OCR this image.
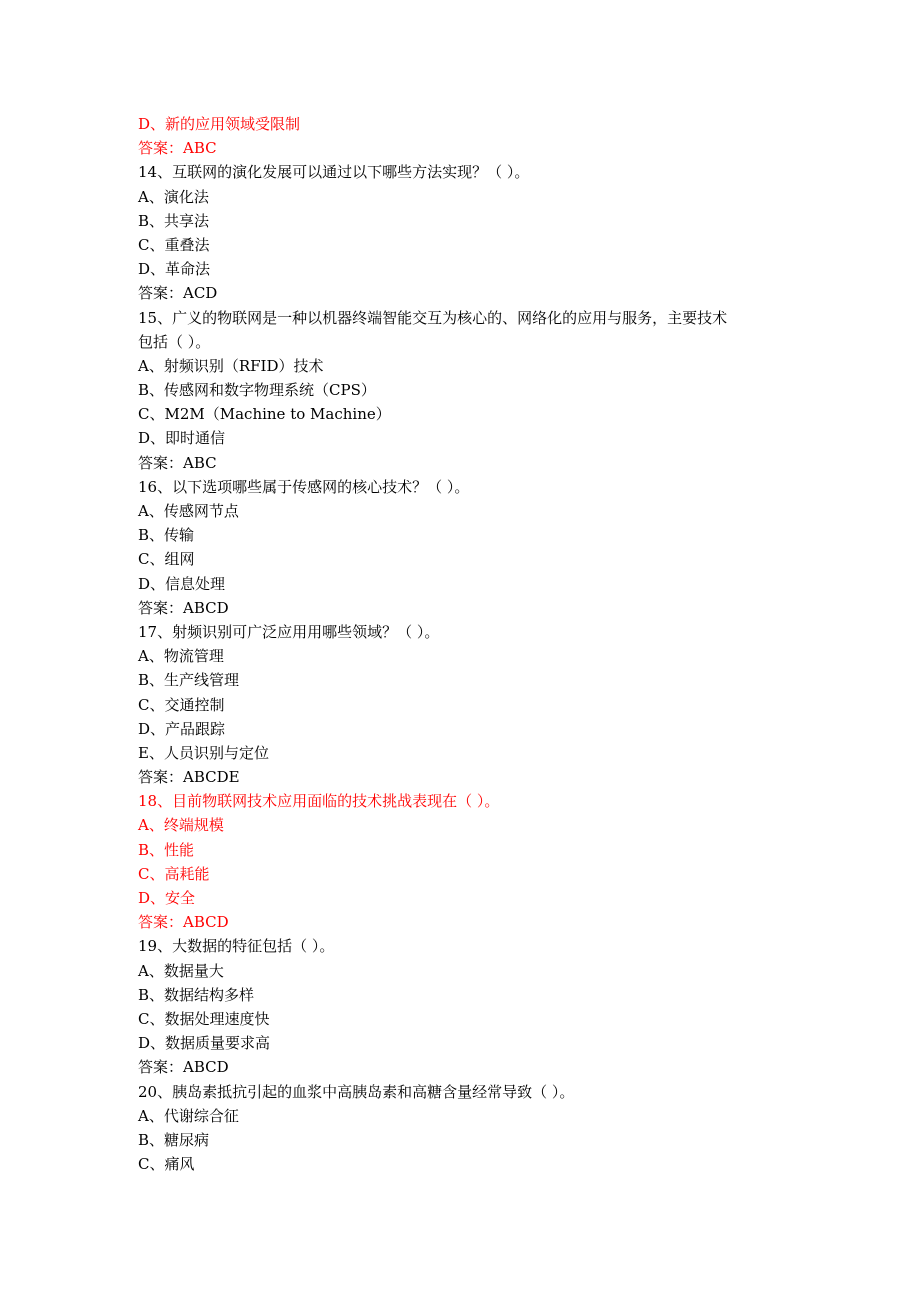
D、新的应用领域受限制
答案：ABC
14、互联网的演化发展可以通过以下哪些方法实现？（ ）。
A、演化法
B、共享法
C、重叠法
D、革命法
答案：ACD
15、广义的物联网是一种以机器终端智能交互为核心的、网络化的应用与服务，主要技术
包括（ ）。
A、射频识别（RFID）技术
B、传感网和数字物理系统（CPS）
C、M2M（Machine to Machine）
D、即时通信
答案：ABC
16、以下选项哪些属于传感网的核心技术？（ ）。
A、传感网节点
B、传输
C、组网
D、信息处理
答案：ABCD
17、射频识别可广泛应用用哪些领域？（ ）。
A、物流管理
B、生产线管理
C、交通控制
D、产品跟踪
E、人员识别与定位
答案：ABCDE
18、目前物联网技术应用面临的技术挑战表现在（ ）。
A、终端规模
B、性能
C、高耗能
D、安全
答案：ABCD
19、大数据的特征包括（ ）。
A、数据量大
B、数据结构多样
C、数据处理速度快
D、数据质量要求高
答案：ABCD
20、胰岛素抵抗引起的血浆中高胰岛素和高糖含量经常导致（ ）。
A、代谢综合征
B、糖尿病
C、痛风
